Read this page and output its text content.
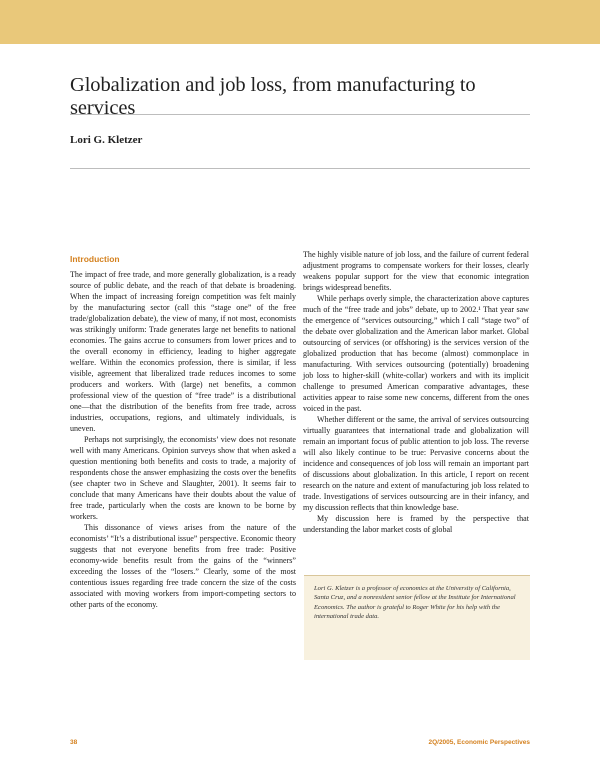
Globalization and job loss, from manufacturing to services

Lori G. Kletzer

Introduction

The impact of free trade, and more generally globalization, is a ready source of public debate, and the reach of that debate is broadening. When the impact of increasing foreign competition was felt mainly by the manufacturing sector (call this “stage one” of the free trade/globalization debate), the view of many, if not most, economists was strikingly uniform: Trade generates large net benefits to national economies. The gains accrue to consumers from lower prices and to the overall economy in efficiency, leading to higher aggregate welfare. Within the economics profession, there is similar, if less visible, agreement that liberalized trade reduces incomes to some producers and workers. With (large) net benefits, a common professional view of the question of “free trade” is a distributional one—that the distribution of the benefits from free trade, across industries, occupations, regions, and ultimately individuals, is uneven.

Perhaps not surprisingly, the economists’ view does not resonate well with many Americans. Opinion surveys show that when asked a question mentioning both benefits and costs to trade, a majority of respondents chose the answer emphasizing the costs over the benefits (see chapter two in Scheve and Slaughter, 2001). It seems fair to conclude that many Americans have their doubts about the value of free trade, particularly when the costs are known to be borne by workers.

This dissonance of views arises from the nature of the economists’ “It’s a distributional issue” perspective. Economic theory suggests that not everyone benefits from free trade: Positive economy-wide benefits result from the gains of the “winners” exceeding the losses of the “losers.” Clearly, some of the most contentious issues regarding free trade concern the size of the costs associated with moving workers from import-competing sectors to other parts of the economy.

The highly visible nature of job loss, and the failure of current federal adjustment programs to compensate workers for their losses, clearly weakens popular support for the view that economic integration brings widespread benefits.

While perhaps overly simple, the characterization above captures much of the “free trade and jobs” debate, up to 2002.¹ That year saw the emergence of “services outsourcing,” which I call “stage two” of the debate over globalization and the American labor market. Global outsourcing of services (or offshoring) is the services version of the globalized production that has become (almost) commonplace in manufacturing. With services outsourcing (potentially) broadening job loss to higher-skill (white-collar) workers and with its implicit challenge to presumed American comparative advantages, these activities appear to raise some new concerns, different from the ones voiced in the past.

Whether different or the same, the arrival of services outsourcing virtually guarantees that international trade and globalization will remain an important focus of public attention to job loss. The reverse will also likely continue to be true: Pervasive concerns about the incidence and consequences of job loss will remain an important part of discussions about globalization. In this article, I report on recent research on the nature and extent of manufacturing job loss related to trade. Investigations of services outsourcing are in their infancy, and my discussion reflects that thin knowledge base.

My discussion here is framed by the perspective that understanding the labor market costs of global

Lori G. Kletzer is a professor of economics at the University of California, Santa Cruz, and a nonresident senior fellow at the Institute for International Economics. The author is grateful to Roger White for his help with the international trade data.

38	2Q/2005, Economic Perspectives
